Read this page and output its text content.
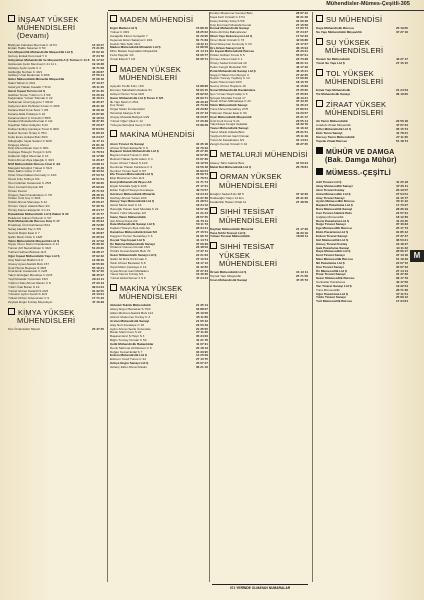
Mühendisler-Mümes-Çeşitli-305
İNŞAAT YÜKSEK
MÜHENDİSLERİ
(Devamı)
Bahriyeli Calıskan Mevzuat C 117/4	14 43 27
Erdam Hakkı Selamet C 50	74 21 65
Fen Müşavirlik Mühendislik Müşavirlik Ltd Ş	37 62 16
Gürsoy Emlak Kurumsal Y 0	47 24 78
Gökyılmaz Mühendislik Ve Müşavirlik A Ş Turhan C 11 8 51 17 02
Göksenek Çetin Mevzuat C 41 11 1	19 16 28
Gültepe Aydın Çelik C 4	42 71 68
Güllüoğlu Nurhan C 43/1	44 39 87
Gökbey Ünal Dedeman 6 26/6	27 56 44
Güler Mühendislik Mimarlık Müşavirlik	37 08 18
Saksi Tahsin C 20/1	27 13 27
Güleryüz Hakan Kavaklı 7 5/13	36 11 36
Gürel İnşaat Turizm Ltd Ş	37 31 30
Gökhan Temur Yıldırım C 4 5/6	15 25 49
Kaçamakçı Yılmaz Tokmak C 22	42 16 21
Kahraman Ünal Çayyolu 7 30/10	42 35 37
Kalyoncu Erol Pehlivan Kınacı C 28/6	28 31 18
Karaca Rauf Kına Tesis Y 2/6	42 39 18
Karaca Atilla Özkarpa C 22	23 67 96
Karaman Erol Ç Cinnah C 55/5	42 16 53
Karakurt Mustafa Mevzuat C 111	33 37 30
Kayahan Taha Gülaydın 6 22	37 23 37
Kutluer Erdinç Çankaya Tünel S 40/6	37 84 56
Kelleci Nermin Öztaş C 75/1	41 80 43
Kutlu Emre Ankara Bulv 39/3	16 24 37
Kilkışlıoğlu Yaşar Selami C 6/28	11 17 11
Kingeçe Ahmet	21 81 18
Kiriç Ahmet Elvan Can C 30/1	66 23 01
Koçkaya Hüseyin Turgut C 22/1	11 76 54
Kuldemir Oğuz Mevzuat C 13	22 17 88
Külcü Ahmet Ziya Ağaoğlu C 30/1	11 20 37
M M Mühendislik Bürosu Ünal C 4/4	23 98 11
Mangeliz Ertuğrul Yüksel C 51/4	47 45 48
Mete Şahin Gürer C 4/3	36 43 52
Ozan Ozan Daban Kennedy C 14/1	27 53 73
Öncel Kılıç Sıhhıye 6/4	22 51 54
Önel Gökhan Karamanlı C 25/5	67 39 20
Öner Cemal Kırkpınar 8/2	25 69 29
Özcan Kemal	25 71 53
Özgenç Sami Kavaklıdere C 7/6	28 46 15
Özkan Ümit Koç C 30/3	23 55 19
Özkök Ahmet Menekşe S 12	25 06 47
Özmen Yalçın Atatürk Bulv 4/2	57 36 76
Özmiş Sümer Eskişehir 4 C 21	26 24 77
Pamukkale Mühendislik Ltd Ş Babür S 20	47 15 77
Pekdemir Adnan Özdemir C 5/7	42 30 37
Pelit Mühendislik Bürosu Kılıç C 17	31 35 94
Pınarbaşı Ümit Kahraman 5/11	28 72 85
Saraç Alaattin Taç C 3/5	17 78 22
Sevimli Rüştü Esat C 7	41 36 87
Şahin Metin Ordu C 16/8	22 35 03
Tekin Mühendislik Müşavirlik Ltd Ş	21 17 03
Topçu Ömer Nazım Kavaklıdere C 11	25 39 40
Tuncer Arif Necati Elvan C 34/2	51 20 35
Turhan Nurhan Buhara 11/4	18 38 17
Uğur İnşaat Mühendislik Yapı Ltd Ş	37 92 32
Uluç Mehmet Büklüm S 6	12 38 40
Ulusoy Aysel Atatürk Bulv 157	32 55 36
Ünal Hüsnü Beştepe S 38/3	55 18 31
Ünal Emin Karamanlı C 12/8	55 17 30
Yalçın Erdoğan Menekşe C 22/3	38 45 27
Yeşil Mustafa Yumurtacı 16/3	29 44 11
Yıldırım Sıtkı Ahmet Rasim C 8	27 23 13
Yıldız Ünal Boran S 19	39 04 24
Yılmaz Ahmet Karanfil S 23/3	31 32 55
Yılmazer Aydın Ferah S 11/4	24 13 01
Yüksel Orhan Güvenevler C 9	17 71 23
Zeybek Engin Kızılay Meşrutiyet	47 16 39
KİMYA YÜKSEK
MÜHENDİSLERİ
Kim Ör Endüstri Hamdi	25 47 25
MADEN MÜHENDİSİ
Ergin Maden Ltd Ş	15 88 46
Yüksel C 28/1	18 25 02
Karagöllü Fikret Yenişehir 7	31 29 95
Kepenek Ertan Sakarya C 16/1	61 71 69
Keskin Tatlı Tahir 11/4	19 42 11
Maden Mühendislik Mimarlık Ltd Ş	14 88 58
Mhm Maden Kaynakları Müşavirlik	21 14 14
Feza Taşçılar 1/3	52 06 77
Ünsal Efendi 7 1/2	62 36 71
MADEN YÜKSEK
MÜHENDİSLERİ
Ayaydın Tevfik 6 Ev / 2/6	12 88 96
Eremen Sabahattin Atakule 51	53 93 15
Gökyol Özcan Tuna 34/6	26 92 52
Hazer Mühendislik Ltd Ş Turan C 6/5	26 93 71
İlk Yapı Metin C 25/1	29 40 33
Koç Sinan	24 73 39
Özgür Metin İnci Endüstri	23 20 82
Teknoloji Akasya S 10	24 27 13
Uluçay Mustafa Bahçeli 14/9	18 23 87
Yılmaz Oğuz Çilek C 12	17 20 39
Yüzeysel Ertuğrul Genç C 9/6	15 98 28
MAKİNA MÜHENDİSİ
Atom Ticaret Ve Sanayi	34 35 18
Ahmet Özbek Eskişehir C 9	31 79 42
Başkent Gidalı Mühendislik Ltd Ş	25 27 36
Bayram Kamil Tunalı C 16/3	34 67 85
Bozkurt Hakan Şehit Adem C 4	15 67 36
Cesur Ahmet Yüksel S 11/2	19 12 53
Demircan Hasan Karlıdere C 4	19 56 48
Demirel Yılmaz Gazi C 5/7	34 93 54
Efe Ticaret Mühendislik Ltd Ş	26 69 74
Ekşi Muammer Ulus 11/1	11 76 51
Enerji Mühendislik Bişeo Alt	21 71 74
Ergün Mustafa Çağ S 12/6	27 17 61
Erkan Tuğrul Hüseyin Kocatepe	49 73 57
Görünen Mühendislik Mimarlık	19 24 44
Gözbay Ahmet Tunalı 13/3	23 37 36
Güney Yapı Mühendislik Ltd Ş	21 28 51
Güzel Murat Gazi C 14	18 24 12
Hacıoğlu Hasan Gazi Mustafa K 22	18 07 28
Hüsnü Yıldız Menekşe 4/2	21 21 24
İnanç Taner Mühendislik	28 57 35
Işık Ahmet Kaya 2/2	31 73 11
Kale Mühendislik Sanayi Ltd Ş	50 11 73
Kaplan Hüseyin Ziya Gök Alp	28 34 41
Karaköse Mühendislik Emek 5/3	27 15 51
Kaygısız Tuncer Necatibey C 6	31 96 72
Koçak Yapı İnşaat Ltd Ş	41 14 74
Öz Makina Mühendislik Sanayi	37 06 36
Özdemir Osman Cinnah 15/2	23 48 53
Öztürk Kemal Atatürk Bulv 70	17 37 11
Sezer Mühendislik Sanayi Ltd Ş	24 21 63
Şahin Ali Rıza Kızılırmak 3	27 10 24
Tekin Ahmet Bestekar S 8	18 17 12
Topal Metin Çankaya C 12	31 42 65
Uysal Ahmet Gazi Mahallesi	37 27 34
Yavuz Necmi Kızılay 6/1	16 45 30
Yılmaz Erdal Sümer 2 S 9	47 24 44
MAKİNA YÜKSEK
MÜHENDİSLERİ
Akbulut Teknik Mühendislik	21 35 14
Aksoy Ergun Bestekar S 70/3	34 88 67
Alkan Mehmet Atatürk Bulv 114	25 10 56
Altınöz Muammer Kızılay C 3	35 11 86
Arslan Mühendislik Sanayi	21 65 42
Atay Nuri Kocatepe C 18	23 53 49
Aydın Ahmet Sezai Üniversite	24 35 55
Baran Metin Koru S 22	27 11 36
Başaran Erol Ş Hayri S 3	35 34 06
Bilgin Tuncay Cinnah C 53	41 21 76
Çelik Mühendislik Bakanlıklar	41 67 31
Demir Mehmet Ali Dikmen C 8	25 18 13
Doğan Kemal Erdal S 7	34 33 95
Erdem Mühendislik Ltd Ş	14 25 69
Erkmen Yusuf Tunus C 44	27 13 75
Gökçe Engin Sanayi Ltd Ş	25 07 27
Gülenç Zafer Ahmet Rasim	36 21 16
Kentler Muammer Kentsel Bulv	28 67 42
Kaya Ferit Cinnah C 17/4	36 21 28
Keleş Kubilay Kolej S 5/6	31 60 48
Kılıç Erol Gazi Mustafa Kemal	27 10 58
Konak Mühendislik Sanayi	17 63 74
Mutlu Ali Rıza Bahçelievler	37 24 37
Okan Yapı Dekorasyon Ltd Ş	17 52 33
Ömer Metin Cinnah C 73	42 06 88
Önal Süleyman Kennedy C 23	24 17 67
Örs Erkan Sanayi Ltd Ş	36 15 94
Öz İnşaat Mühendislik Bürosu	26 23 31
Özkan Gülhan Tunus S 5	55 67 01
Özmen Ahmet Gazi C 1	23 73 28
Özsoy Sedat Kızılırmak 19	38 21 41
Pekin Cengiz Bestekar 5/3	43 17 46
Polat Mühendislik Sanayi Ltd Ş	48 15 21
Saygın Hakan Cumhuriyet 3	27 32 35
Seçkin Tuncay Yeşilköy C 14	17 06 36
Selek Hüsnü Gazi 22/3	18 10 76
Sevinç Ahmet Hoşdere 19	41 15 83
Sonel Mühendislik Kavaklıdere	37 25 60
Şen Yılmaz Reşit Galip C 6	27 35 84
Şimşek Mustafa Tunalı 17	48 13 21
Tekeli Orhan Mithatpaşa C 23	37 43 45
Tekin Mühendislik Sanayi	31 35 24
Tuna Ahmet Necatibey 27/5	27 86 54
Türkmen Hasan Esat C 30	19 23 57
Uçar Mühendislik Müşavirlik	25 31 17
Ünlü Ferit Konur S 21	23 55 14
Yalçınkaya Cengiz Aşkabat	18 39 79
Yavuz Mühendislik Sanayi	44 16 42
Yazıcı Murat Ankara Bulv	28 31 51
Yeşilyurt Ahmet Gazi Osman	35 11 49
Yücel Ali Kavaklıdere 6/1	31 14 91
Zengin Kemal Cinnah C 44	36 27 35
METALURJİ MÜHENDİSİ
Atasoy Tahir Atatürk Bulv	31 53 24
Metal Bul Mühendislik Ltd Ş	26 78 81
ORMAN YÜKSEK
MÜHENDİSLERİ
Ertuğrul Sedat 8 Ev 98 5	37 42 36
Hokkaoğlu Yalçın 14 Em	26 41 20
Karakütük Hasan Ortak 11	27 48 58
SIHHİ TESİSAT
MÜHENDİSLERİ
Kayhan Mühendislik Mimarlık	21 17 29
Tuna Sıhhi Tesisat Ltd Ş	43 33 19
Yılmaz Tesisat Mühendislik	18 68 11
SIHHİ TESİSAT
YÜKSEK
MÜHENDİSLERİ
Örnek Mühendislik Ltd Ş	31 13 11
Toprak Yapı Müşavirlik	25 71 58
Uzun Mühendislik Sanayi	47 35 73
SU MÜHENDİSİ
Kaya Mühendislik Bürosu	25 19 65
Su Yapı Mühendislik Müşavirlik	37 27 16
SU YÜKSEK
MÜHENDİSLERİ
Sistem Su Mühendislik	43 27 17
Yücel Su Yapı Ltd Ş	27 15 15
TOL YÜKSEK
MÜHENDİSLERİ
Emek Yapı Mühendislik	21 24 53
Tol Mühendislik Sanayi	36 19 60
ZİRAAT YÜKSEK
MÜHENDİSLERİ
Ak Tarım Mühendislik	23 56 18
Anadolu Ziraat Müşavirlik	47 07 24
Çiftçi Mühendislik Ltd Ş	35 15 74
Ekin Tarım Sanayi	41 78 21
Gürsoy Tarım Mühendislik	27 11 35
Toprak Ziraat Bürosu	51 18 74
MÜHÜR VE DAMGA
(Bak. Damga Mühür)
MÜMESS.-ÇEŞİTLİ
Adil Ticaret Ltd Ş	41 25 18
Akay Mümessillik Sanayi	37 26 11
Akın Ticaret Kızılay	26 43 57
Anka Mümessillik Ltd Ş	27 64 51
Ataç Ticaret Sanayi	31 15 77
Aydın Mümessillik Bürosu	35 11 42
Başkent Pazarlama Ltd Ş	17 73 27
Bora Mümessillik Sanayi	28 36 19
Can Ticaret Atatürk Bulv	24 57 31
Çağdaş Mümessillik	18 12 36
Deniz Pazarlama Ltd Ş	41 23 45
Doğu Ticaret Sanayi	37 46 33
Ege Mümessillik Bürosu	25 17 74
Ekim Pazarlama Ltd Ş	31 85 12
Erdem Ticaret Sanayi	27 37 27
Gül Mümessillik Ltd Ş	36 53 21
Güneş Ticaret Kızılay	16 18 47
İpek Pazarlama Sanayi	44 11 32
Kaya Mümessillik Ltd Ş	28 06 17
Kent Ticaret Sanayi	37 13 18
Mavi Mümessillik Bürosu	51 19 46
Nil Pazarlama Ltd Ş	24 07 72
Ova Ticaret Sanayi	35 67 43
Öz Mümessillik Ltd Ş	27 14 14
Pınar Ticaret Sanayi	31 37 26
Sezer Mümessillik Bürosu	26 17 73
Sonbahar Pazarlama	43 17 56
Tan Ticaret Sanayi Ltd Ş	19 32 54
Tuna Mümessillik	28 71 36
Uğur Pazarlama Ltd Ş	37 11 51
Yıldız Ticaret Sanayi	25 69 12
Yurt Mümessillik Bürosu	17 34 64
M
071 YERİNDE OLMAYAN NUMARALAR
